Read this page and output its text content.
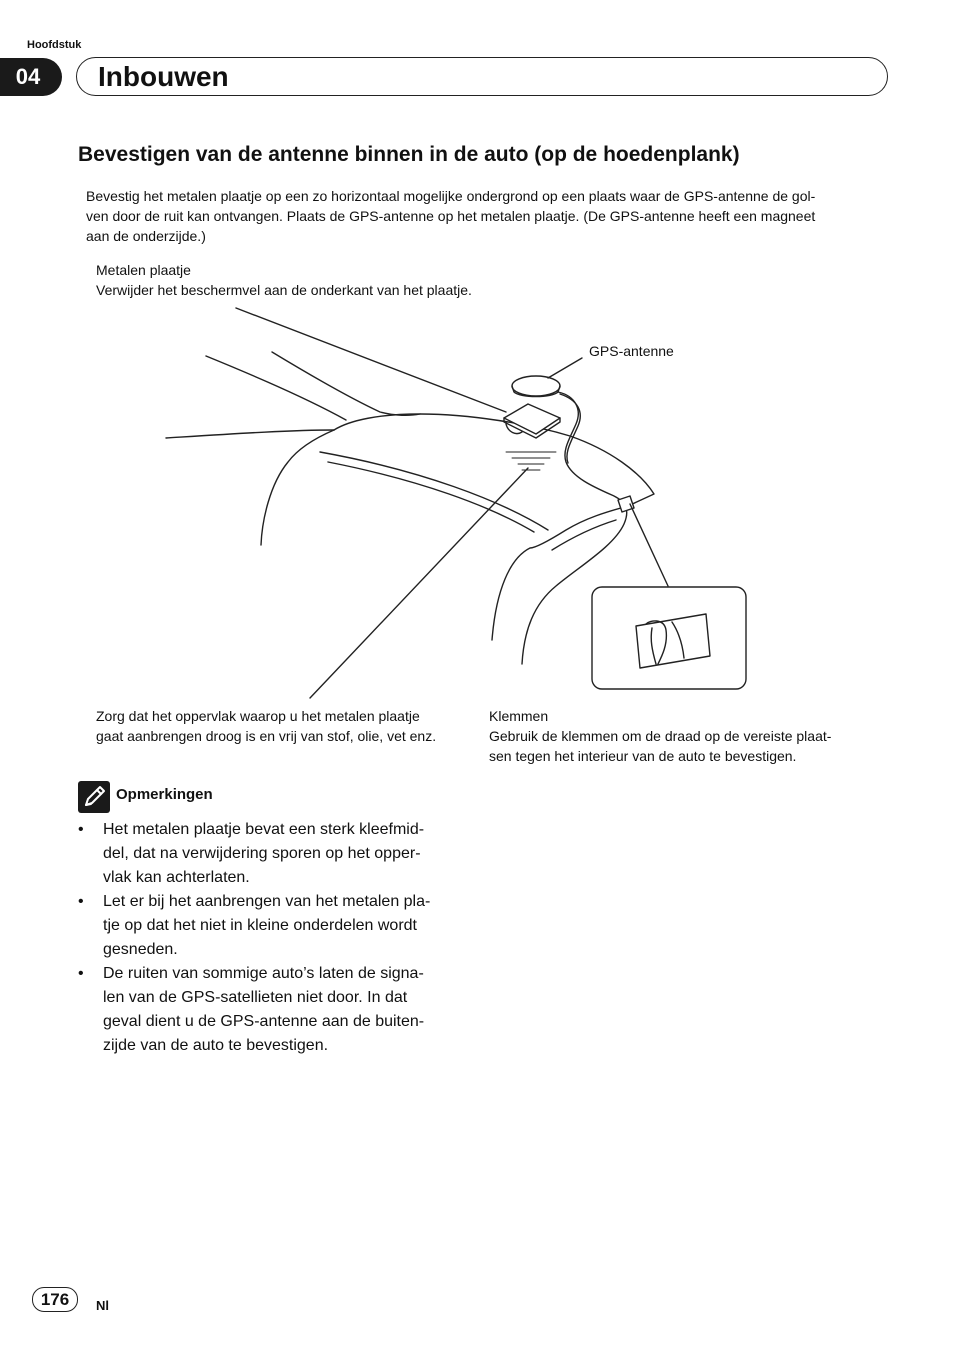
Hoofdstuk
04	Inbouwen
Bevestigen van de antenne binnen in de auto (op de hoedenplank)

Bevestig het metalen plaatje op een zo horizontaal mogelijke ondergrond op een plaats waar de GPS-antenne de gol-

ven door de ruit kan ontvangen. Plaats de GPS-antenne op het metalen plaatje. (De GPS-antenne heeft een magneet

aan de onderzijde.)

Metalen plaatje

Verwijder het beschermvel aan de onderkant van het plaatje.

GPS-antenne

Zorg dat het oppervlak waarop u het metalen plaatje

gaat aanbrengen droog is en vrij van stof, olie, vet enz.

Klemmen

Gebruik de klemmen om de draad op de vereiste plaat-

sen tegen het interieur van de auto te bevestigen.

Opmerkingen
• Het metalen plaatje bevat een sterk kleefmid-
del, dat na verwijdering sporen op het opper-
vlak kan achterlaten.
• Let er bij het aanbrengen van het metalen pla-
tje op dat het niet in kleine onderdelen wordt
gesneden.
• De ruiten van sommige auto’s laten de signa-
len van de GPS-satellieten niet door. In dat
geval dient u de GPS-antenne aan de buiten-
zijde van de auto te bevestigen.
176	Nl
